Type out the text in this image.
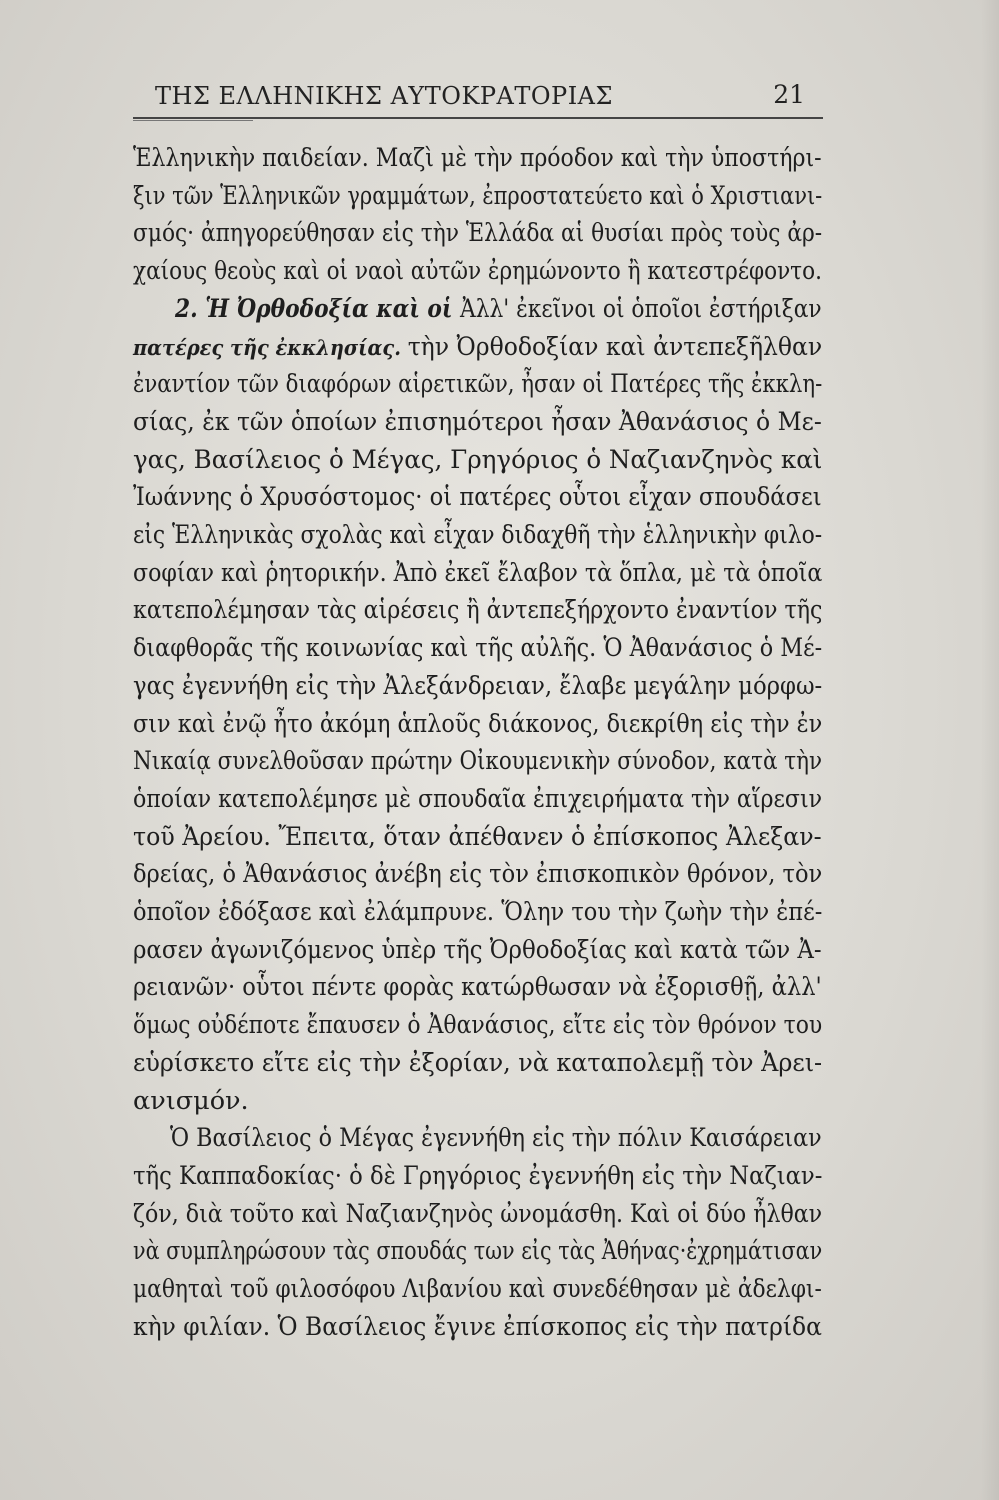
ΤΗΣ ΕΛΛΗΝΙΚΗΣ ΑΥΤΟΚΡΑΤΟΡΙΑΣ	21
Ἑλληνικὴν παιδείαν. Μαζὶ μὲ τὴν πρόοδον καὶ τὴν ὑποστήρι-
ξιν τῶν Ἑλληνικῶν γραμμάτων, ἐπροστατεύετο καὶ ὁ Χριστιανι-
σμός· ἀπηγορεύθησαν εἰς τὴν Ἑλλάδα αἱ θυσίαι πρὸς τοὺς ἀρ-
χαίους θεοὺς καὶ οἱ ναοὶ αὐτῶν ἐρημώνοντο ἢ κατεστρέφοντο.
2. Ἡ Ὀρθοδοξία καὶ οἱ Ἀλλ' ἐκεῖνοι οἱ ὁποῖοι ἐστήριξαν
πατέρες τῆς ἐκκλησίας. τὴν Ὀρθοδοξίαν καὶ ἀντεπεξῆλθαν
ἐναντίον τῶν διαφόρων αἱρετικῶν, ἦσαν οἱ Πατέρες τῆς ἐκκλη-
σίας, ἐκ τῶν ὁποίων ἐπισημότεροι ἦσαν Ἀθανάσιος ὁ Με-
γας, Βασίλειος ὁ Μέγας, Γρηγόριος ὁ Ναζιανζηνὸς καὶ
Ἰωάννης ὁ Χρυσόστομος· οἱ πατέρες οὗτοι εἶχαν σπουδάσει
εἰς Ἑλληνικὰς σχολὰς καὶ εἶχαν διδαχθῆ τὴν ἑλληνικὴν φιλο-
σοφίαν καὶ ῥητορικήν. Ἀπὸ ἐκεῖ ἔλαβον τὰ ὅπλα, μὲ τὰ ὁποῖα
κατεπολέμησαν τὰς αἱρέσεις ἢ ἀντεπεξήρχοντο ἐναντίον τῆς
διαφθορᾶς τῆς κοινωνίας καὶ τῆς αὐλῆς. Ὁ Ἀθανάσιος ὁ Μέ-
γας ἐγεννήθη εἰς τὴν Ἀλεξάνδρειαν, ἔλαβε μεγάλην μόρφω-
σιν καὶ ἐνῷ ἦτο ἀκόμη ἁπλοῦς διάκονος, διεκρίθη εἰς τὴν ἐν
Νικαίᾳ συνελθοῦσαν πρώτην Οἰκουμενικὴν σύνοδον, κατὰ τὴν
ὁποίαν κατεπολέμησε μὲ σπουδαῖα ἐπιχειρήματα τὴν αἵρεσιν
τοῦ Ἀρείου. Ἔπειτα, ὅταν ἀπέθανεν ὁ ἐπίσκοπος Ἀλεξαν-
δρείας, ὁ Ἀθανάσιος ἀνέβη εἰς τὸν ἐπισκοπικὸν θρόνον, τὸν
ὁποῖον ἐδόξασε καὶ ἐλάμπρυνε. Ὅλην του τὴν ζωὴν τὴν ἐπέ-
ρασεν ἀγωνιζόμενος ὑπὲρ τῆς Ὀρθοδοξίας καὶ κατὰ τῶν Ἀ-
ρειανῶν· οὗτοι πέντε φορὰς κατώρθωσαν νὰ ἐξορισθῇ, ἀλλ'
ὅμως οὐδέποτε ἔπαυσεν ὁ Ἀθανάσιος, εἴτε εἰς τὸν θρόνον του
εὑρίσκετο εἴτε εἰς τὴν ἐξορίαν, νὰ καταπολεμῇ τὸν Ἀρει-
ανισμόν.
Ὁ Βασίλειος ὁ Μέγας ἐγεννήθη εἰς τὴν πόλιν Καισάρειαν
τῆς Καππαδοκίας· ὁ δὲ Γρηγόριος ἐγεννήθη εἰς τὴν Ναζιαν-
ζόν, διὰ τοῦτο καὶ Ναζιανζηνὸς ὠνομάσθη. Καὶ οἱ δύο ἦλθαν
νὰ συμπληρώσουν τὰς σπουδάς των εἰς τὰς Ἀθήνας·ἐχρημάτισαν
μαθηταὶ τοῦ φιλοσόφου Λιβανίου καὶ συνεδέθησαν μὲ ἀδελφι-
κὴν φιλίαν. Ὁ Βασίλειος ἔγινε ἐπίσκοπος εἰς τὴν πατρίδα
